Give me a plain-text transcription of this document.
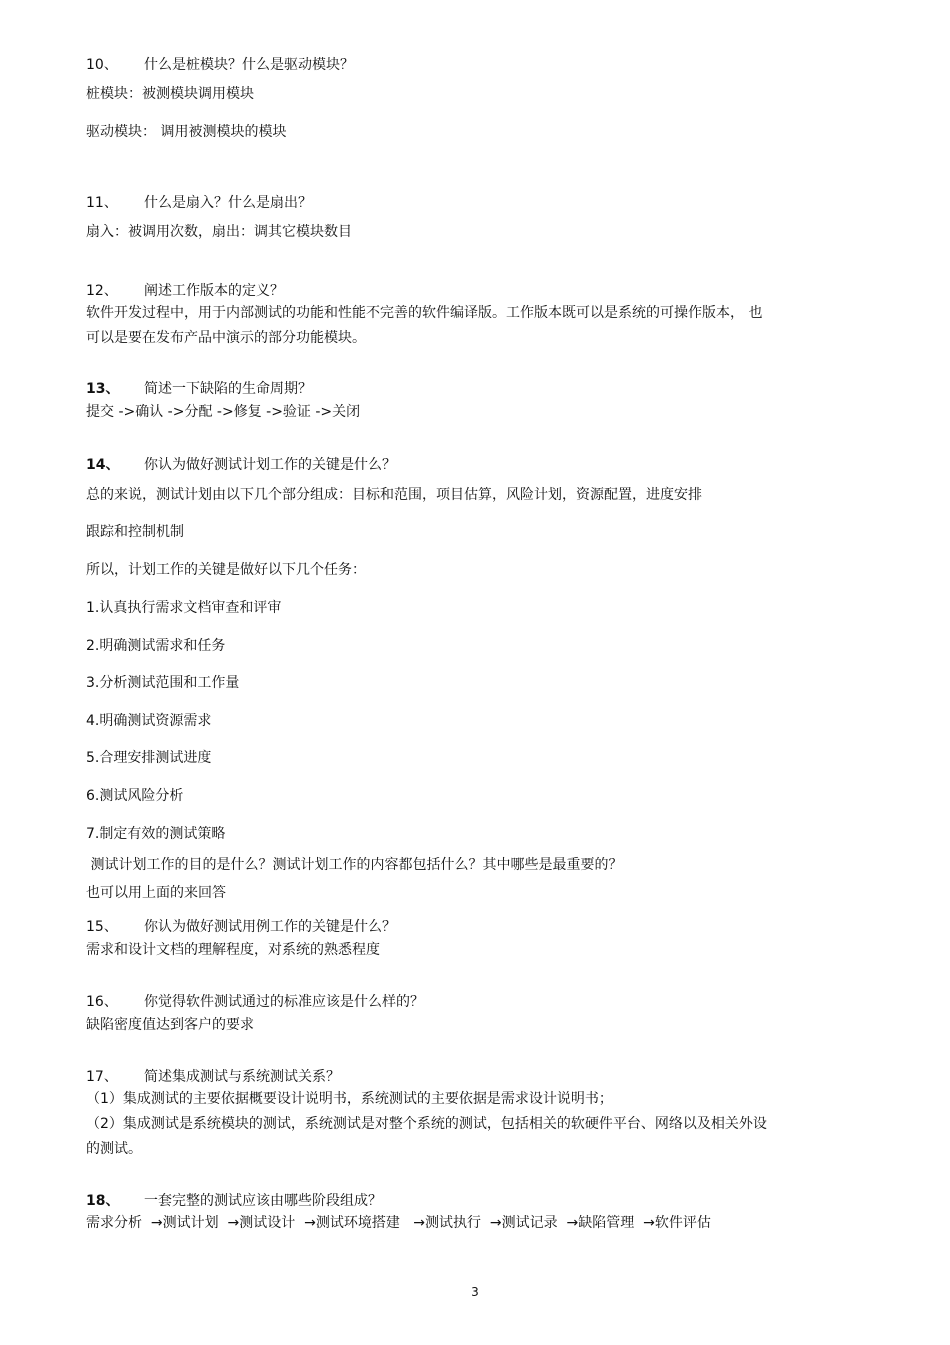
10、 什么是桩模块？什么是驱动模块？
桩模块：被测模块调用模块
驱动模块： 调用被测模块的模块
11、 什么是扇入？什么是扇出？
扇入：被调用次数，扇出：调其它模块数目
12、 阐述工作版本的定义？
软件开发过程中，用于内部测试的功能和性能不完善的软件编译版。工作版本既可以是系统的可操作版本， 也
可以是要在发布产品中演示的部分功能模块。
13、 简述一下缺陷的生命周期？
提交 ->确认 ->分配 ->修复 ->验证 ->关闭
14、 你认为做好测试计划工作的关键是什么？
总的来说，测试计划由以下几个部分组成：目标和范围，项目估算，风险计划，资源配置，进度安排
跟踪和控制机制
所以，计划工作的关键是做好以下几个任务：
1.认真执行需求文档审查和评审
2.明确测试需求和任务
3.分析测试范围和工作量
4.明确测试资源需求
5.合理安排测试进度
6.测试风险分析
7.制定有效的测试策略
测试计划工作的目的是什么？测试计划工作的内容都包括什么？其中哪些是最重要的？
也可以用上面的来回答
15、 你认为做好测试用例工作的关键是什么？
需求和设计文档的理解程度，对系统的熟悉程度
16、 你觉得软件测试通过的标准应该是什么样的？
缺陷密度值达到客户的要求
17、 简述集成测试与系统测试关系？
（1）集成测试的主要依据概要设计说明书，系统测试的主要依据是需求设计说明书；
（2）集成测试是系统模块的测试，系统测试是对整个系统的测试，包括相关的软硬件平台、网络以及相关外设
的测试。
18、 一套完整的测试应该由哪些阶段组成？
需求分析  →测试计划  →测试设计  →测试环境搭建   →测试执行  →测试记录  →缺陷管理  →软件评估
3
